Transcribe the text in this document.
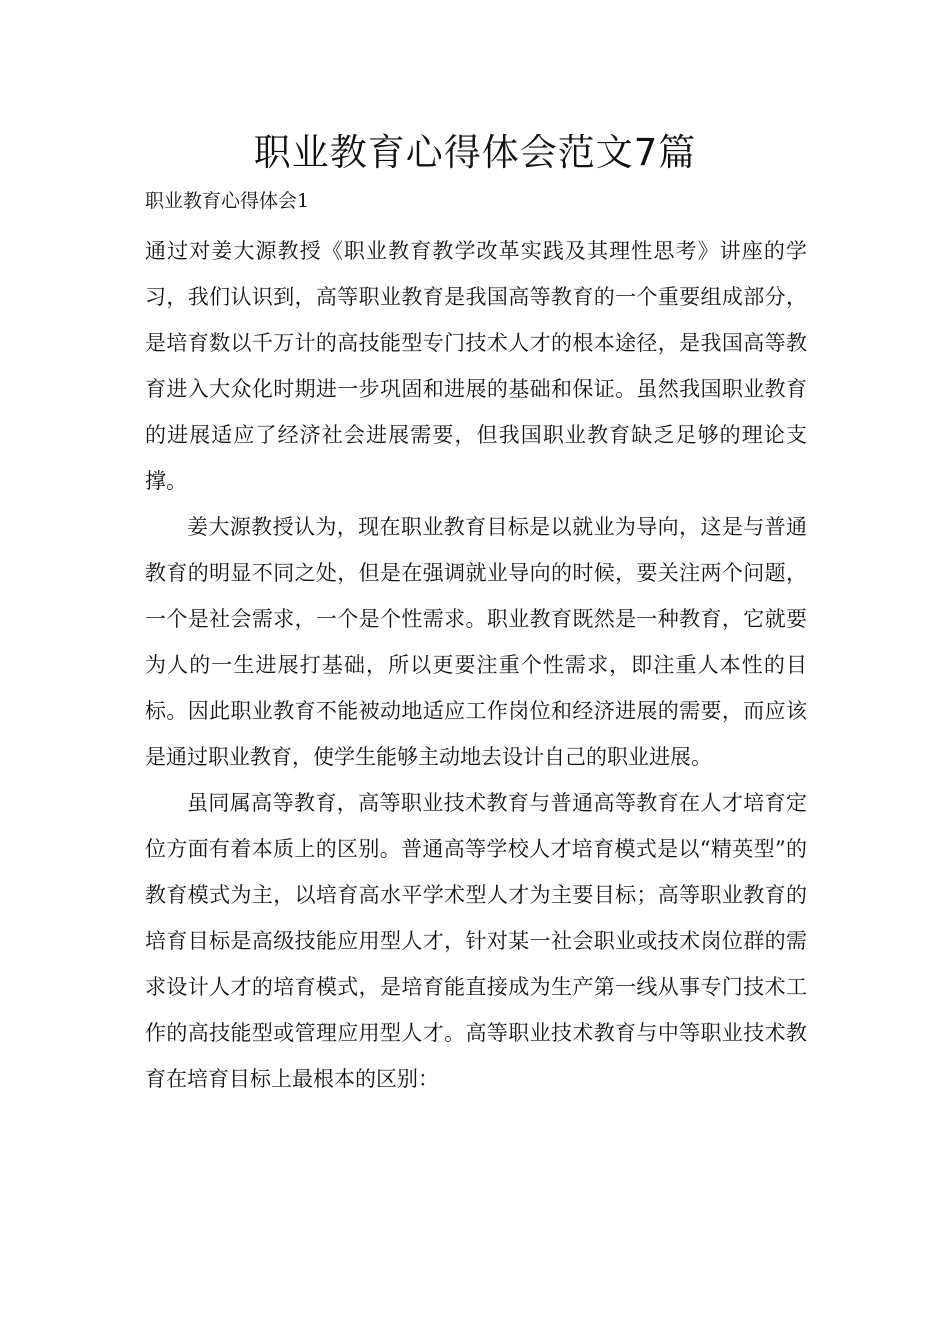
职业教育心得体会范文7篇

职业教育心得体会1

通过对姜大源教授《职业教育教学改革实践及其理性思考》讲座的学习，我们认识到，高等职业教育是我国高等教育的一个重要组成部分，是培育数以千万计的高技能型专门技术人才的根本途径，是我国高等教育进入大众化时期进一步巩固和进展的基础和保证。虽然我国职业教育的进展适应了经济社会进展需要，但我国职业教育缺乏足够的理论支撑。

姜大源教授认为，现在职业教育目标是以就业为导向，这是与普通教育的明显不同之处，但是在强调就业导向的时候，要关注两个问题，一个是社会需求，一个是个性需求。职业教育既然是一种教育，它就要为人的一生进展打基础，所以更要注重个性需求，即注重人本性的目标。因此职业教育不能被动地适应工作岗位和经济进展的需要，而应该是通过职业教育，使学生能够主动地去设计自己的职业进展。

虽同属高等教育，高等职业技术教育与普通高等教育在人才培育定位方面有着本质上的区别。普通高等学校人才培育模式是以“精英型”的教育模式为主，以培育高水平学术型人才为主要目标；高等职业教育的培育目标是高级技能应用型人才，针对某一社会职业或技术岗位群的需求设计人才的培育模式，是培育能直接成为生产第一线从事专门技术工作的高技能型或管理应用型人才。高等职业技术教育与中等职业技术教育在培育目标上最根本的区别：
